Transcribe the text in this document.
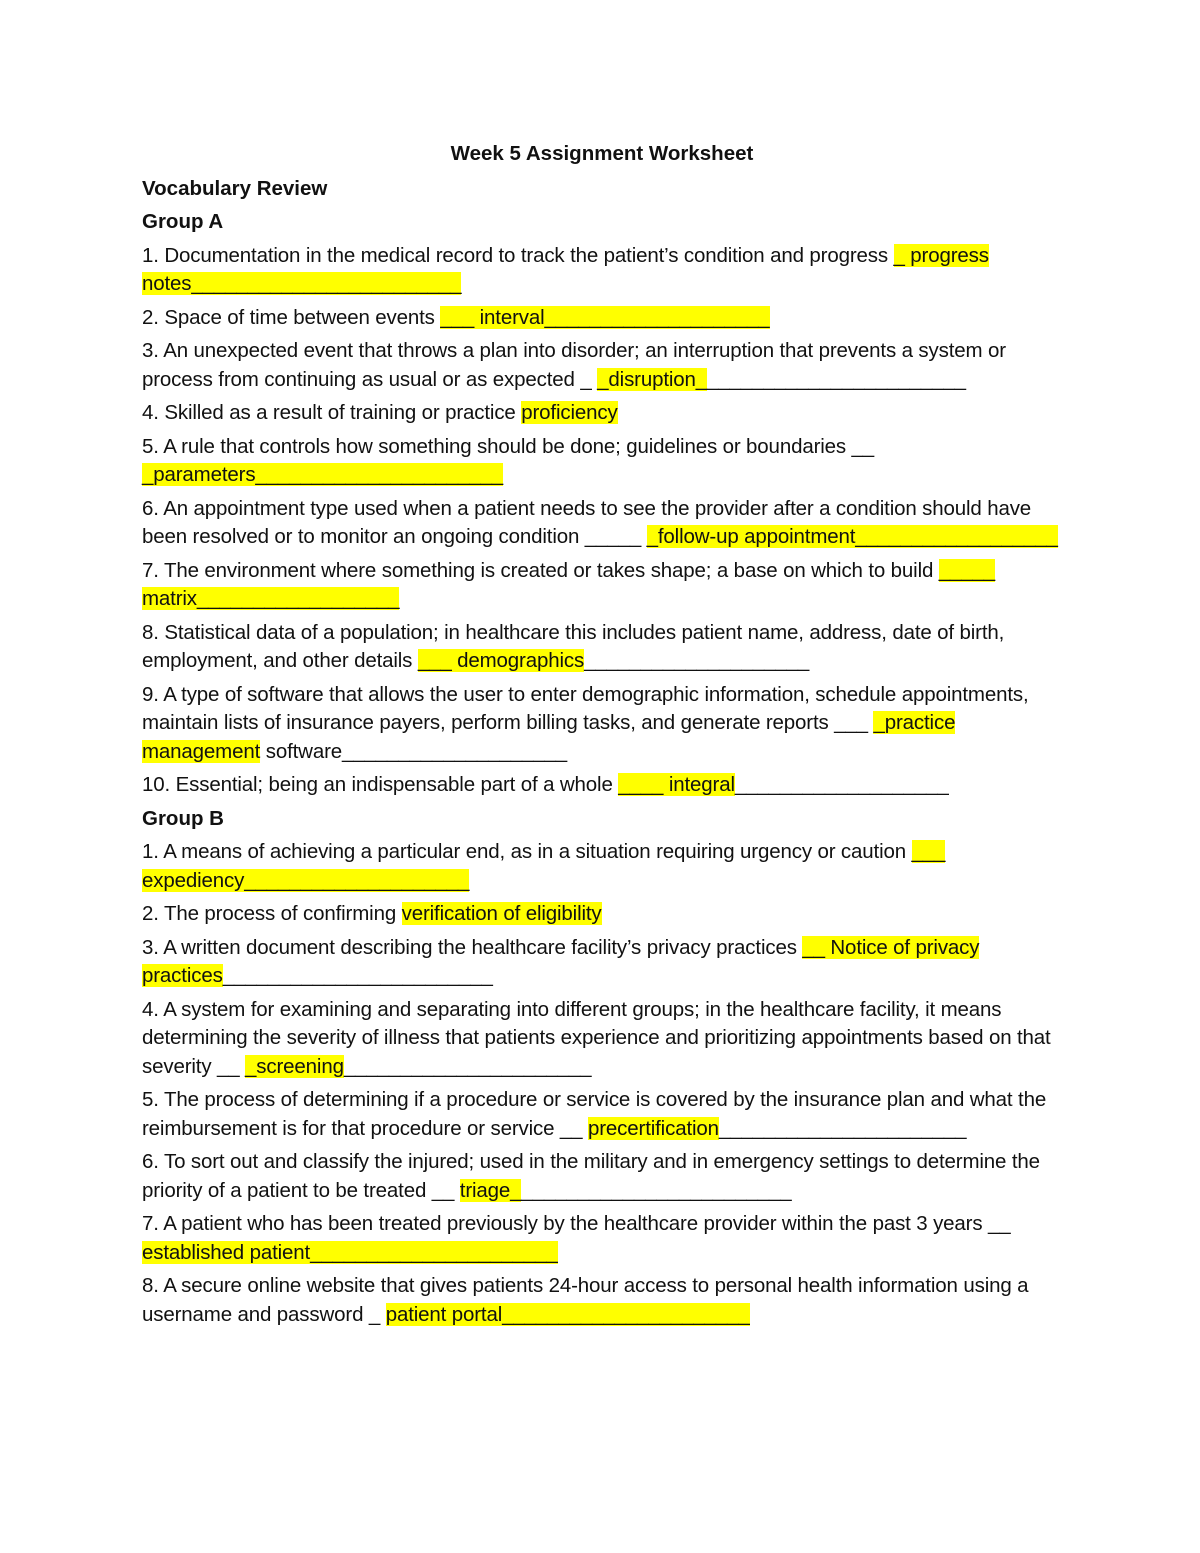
Week 5 Assignment Worksheet
Vocabulary Review
Group A
1. Documentation in the medical record to track the patient’s condition and progress _ progress notes________________________
2. Space of time between events ___ interval____________________
3. An unexpected event that throws a plan into disorder; an interruption that prevents a system or process from continuing as usual or as expected _ _disruption________________________
4. Skilled as a result of training or practice proficiency
5. A rule that controls how something should be done; guidelines or boundaries __ _parameters______________________
6. An appointment type used when a patient needs to see the provider after a condition should have been resolved or to monitor an ongoing condition _____ _follow-up appointment__________________
7. The environment where something is created or takes shape; a base on which to build _____ matrix__________________
8. Statistical data of a population; in healthcare this includes patient name, address, date of birth, employment, and other details ___ demographics____________________
9. A type of software that allows the user to enter demographic information, schedule appointments, maintain lists of insurance payers, perform billing tasks, and generate reports ___ _practice management software____________________
10. Essential; being an indispensable part of a whole ____ integral___________________
Group B
1. A means of achieving a particular end, as in a situation requiring urgency or caution ___ expediency____________________
2. The process of confirming verification of eligibility
3. A written document describing the healthcare facility’s privacy practices __ Notice of privacy practices________________________
4. A system for examining and separating into different groups; in the healthcare facility, it means determining the severity of illness that patients experience and prioritizing appointments based on that severity __ _screening______________________
5. The process of determining if a procedure or service is covered by the insurance plan and what the reimbursement is for that procedure or service __ precertification______________________
6. To sort out and classify the injured; used in the military and in emergency settings to determine the priority of a patient to be treated __ triage_________________________
7. A patient who has been treated previously by the healthcare provider within the past 3 years __ established patient______________________
8. A secure online website that gives patients 24-hour access to personal health information using a username and password _ patient portal______________________
